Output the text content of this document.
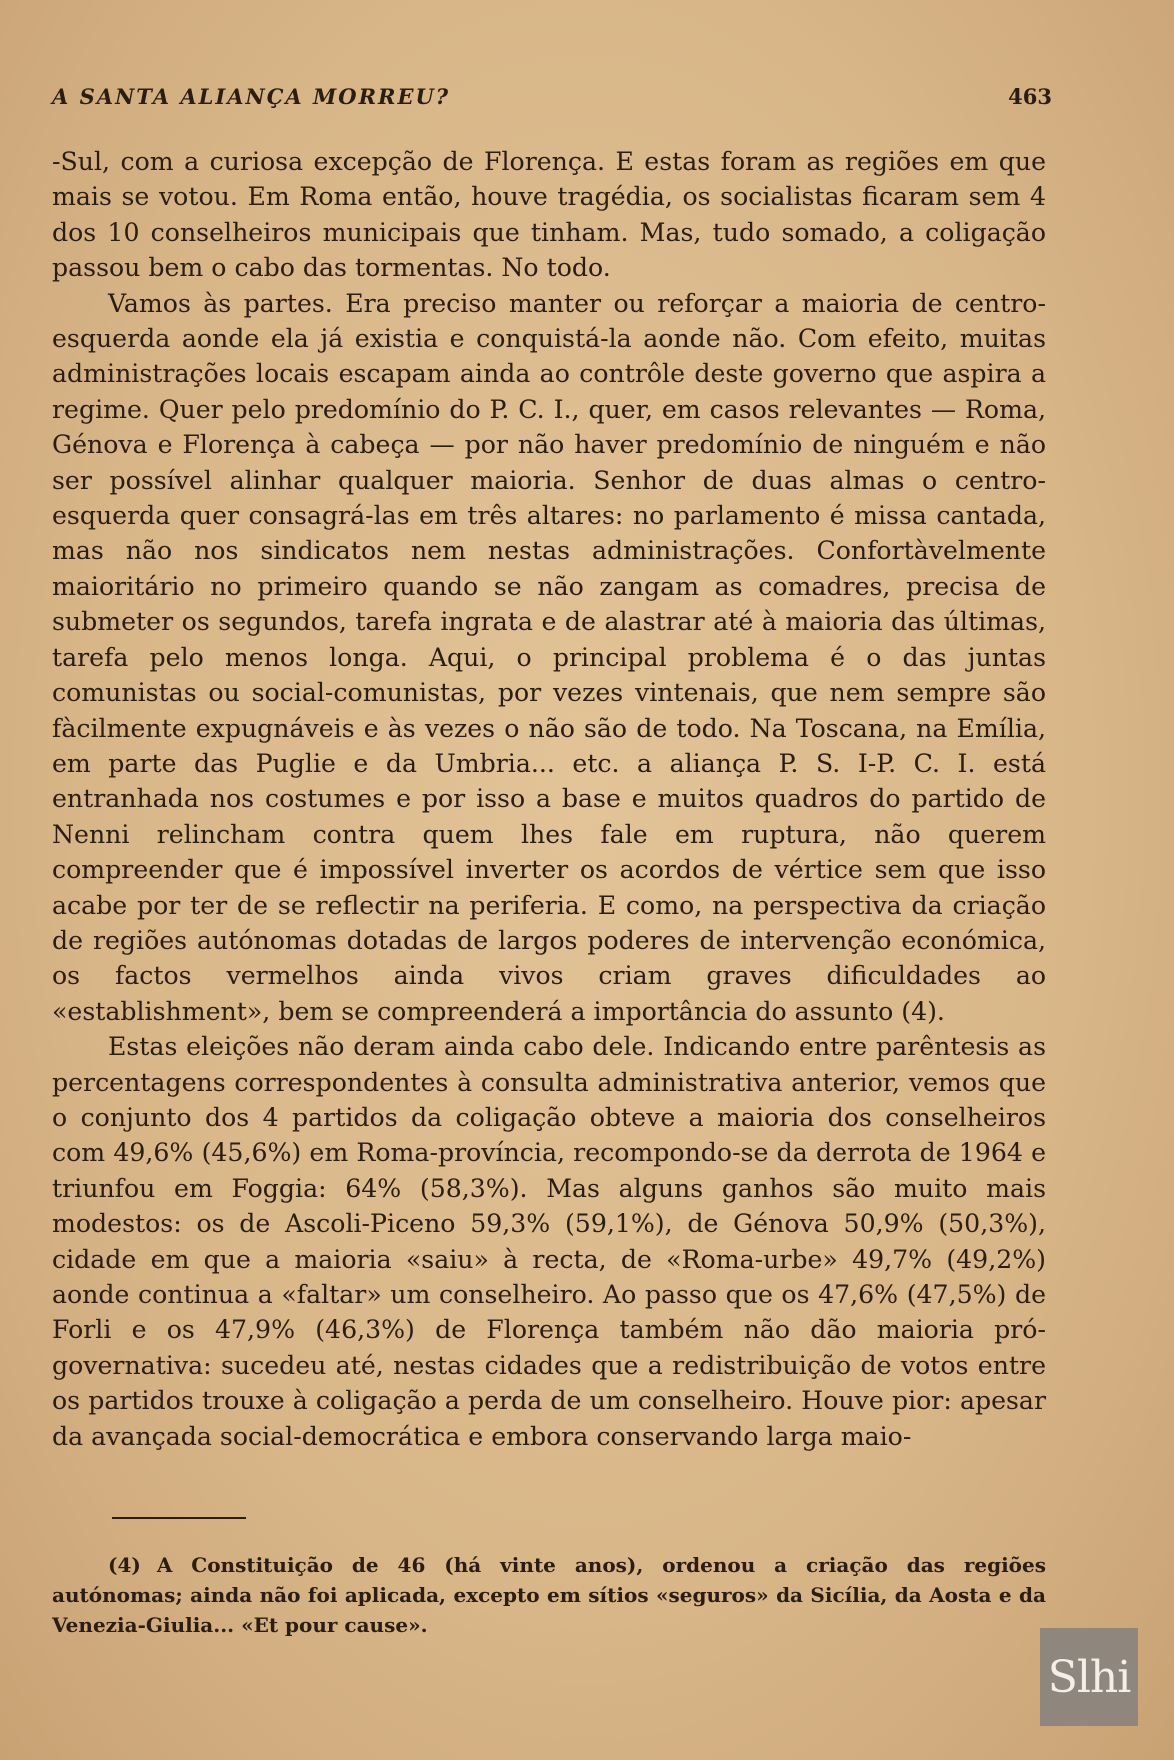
A SANTA ALIANÇA MORREU?	463

-Sul, com a curiosa excepção de Florença. E estas foram as regiões em que mais se votou. Em Roma então, houve tragédia, os socialistas ficaram sem 4 dos 10 conselheiros municipais que tinham. Mas, tudo somado, a coligação passou bem o cabo das tormentas. No todo.

Vamos às partes. Era preciso manter ou reforçar a maioria de centro-esquerda aonde ela já existia e conquistá-la aonde não. Com efeito, muitas administrações locais escapam ainda ao contrôle deste governo que aspira a regime. Quer pelo predomínio do P. C. I., quer, em casos relevantes — Roma, Génova e Florença à cabeça — por não haver predomínio de ninguém e não ser possível alinhar qualquer maioria. Senhor de duas almas o centro-esquerda quer consagrá-las em três altares: no parlamento é missa cantada, mas não nos sindicatos nem nestas administrações. Confortàvelmente maioritário no primeiro quando se não zangam as comadres, precisa de submeter os segundos, tarefa ingrata e de alastrar até à maioria das últimas, tarefa pelo menos longa. Aqui, o principal problema é o das juntas comunistas ou social-comunistas, por vezes vintenais, que nem sempre são fàcilmente expugnáveis e às vezes o não são de todo. Na Toscana, na Emília, em parte das Puglie e da Umbria... etc. a aliança P. S. I-P. C. I. está entranhada nos costumes e por isso a base e muitos quadros do partido de Nenni relincham contra quem lhes fale em ruptura, não querem compreender que é impossível inverter os acordos de vértice sem que isso acabe por ter de se reflectir na periferia. E como, na perspectiva da criação de regiões autónomas dotadas de largos poderes de intervenção económica, os factos vermelhos ainda vivos criam graves dificuldades ao «establishment», bem se compreenderá a importância do assunto (4).

Estas eleições não deram ainda cabo dele. Indicando entre parêntesis as percentagens correspondentes à consulta administrativa anterior, vemos que o conjunto dos 4 partidos da coligação obteve a maioria dos conselheiros com 49,6% (45,6%) em Roma-província, recompondo-se da derrota de 1964 e triunfou em Foggia: 64% (58,3%). Mas alguns ganhos são muito mais modestos: os de Ascoli-Piceno 59,3% (59,1%), de Génova 50,9% (50,3%), cidade em que a maioria «saiu» à recta, de «Roma-urbe» 49,7% (49,2%) aonde continua a «faltar» um conselheiro. Ao passo que os 47,6% (47,5%) de Forli e os 47,9% (46,3%) de Florença também não dão maioria pró-governativa: sucedeu até, nestas cidades que a redistribuição de votos entre os partidos trouxe à coligação a perda de um conselheiro. Houve pior: apesar da avançada social-democrática e embora conservando larga maio-

(4) A Constituição de 46 (há vinte anos), ordenou a criação das regiões autónomas; ainda não foi aplicada, excepto em sítios «seguros» da Sicília, da Aosta e da Venezia-Giulia... «Et pour cause».
Slhi
